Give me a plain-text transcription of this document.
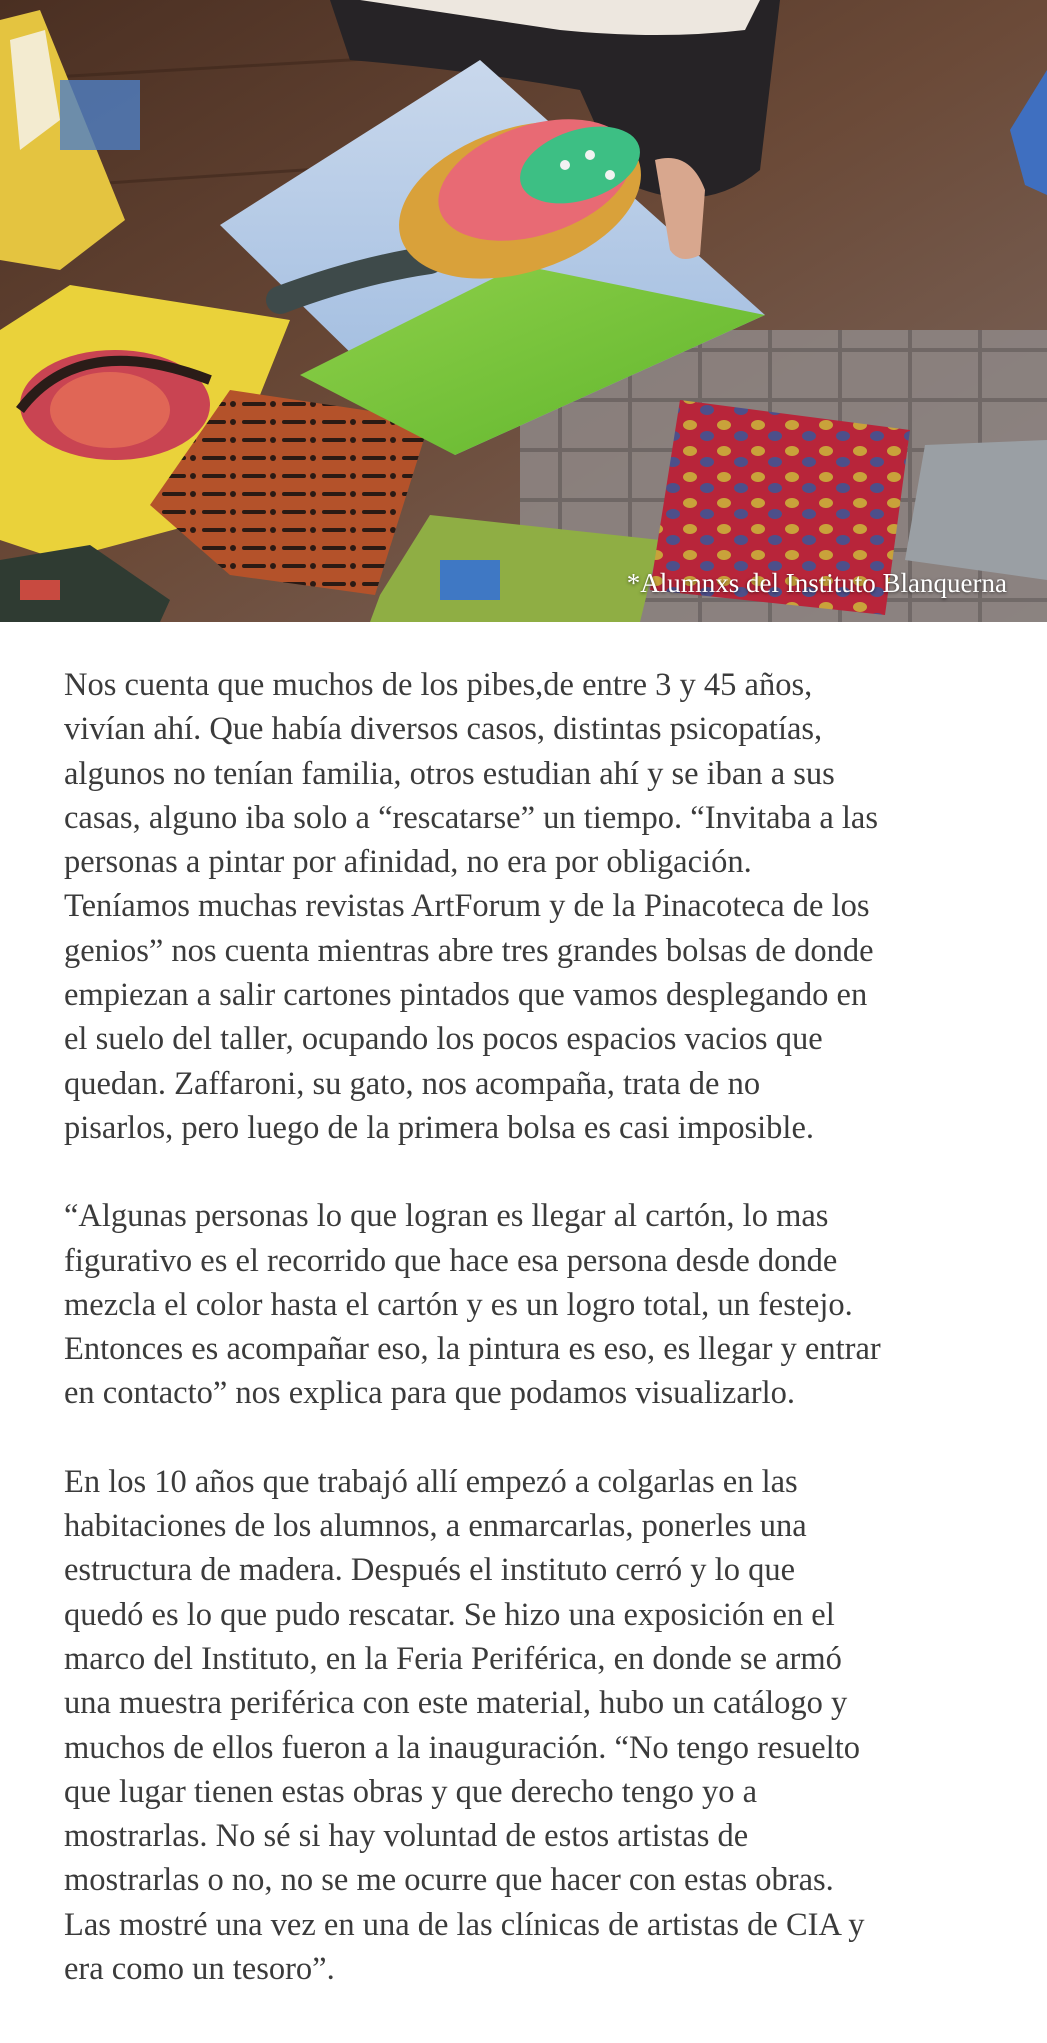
*Alumnxs del Instituto Blanquerna

Nos cuenta que muchos de los pibes,de entre 3 y 45 años,
vivían ahí. Que había diversos casos, distintas psicopatías,
algunos no tenían familia, otros estudian ahí y se iban a sus
casas, alguno iba solo a “rescatarse” un tiempo. “Invitaba a las
personas a pintar por afinidad, no era por obligación.
Teníamos muchas revistas ArtForum y de la Pinacoteca de los
genios” nos cuenta mientras abre tres grandes bolsas de donde
empiezan a salir cartones pintados que vamos desplegando en
el suelo del taller, ocupando los pocos espacios vacios que
quedan. Zaffaroni, su gato, nos acompaña, trata de no
pisarlos, pero luego de la primera bolsa es casi imposible.

“Algunas personas lo que logran es llegar al cartón, lo mas
figurativo es el recorrido que hace esa persona desde donde
mezcla el color hasta el cartón y es un logro total, un festejo.
Entonces es acompañar eso, la pintura es eso, es llegar y entrar
en contacto” nos explica para que podamos visualizarlo.

En los 10 años que trabajó allí empezó a colgarlas en las
habitaciones de los alumnos, a enmarcarlas, ponerles una
estructura de madera. Después el instituto cerró y lo que
quedó es lo que pudo rescatar. Se hizo una exposición en el
marco del Instituto, en la Feria Periférica, en donde se armó
una muestra periférica con este material, hubo un catálogo y
muchos de ellos fueron a la inauguración. “No tengo resuelto
que lugar tienen estas obras y que derecho tengo yo a
mostrarlas. No sé si hay voluntad de estos artistas de
mostrarlas o no, no se me ocurre que hacer con estas obras.
Las mostré una vez en una de las clínicas de artistas de CIA y
era como un tesoro”.
